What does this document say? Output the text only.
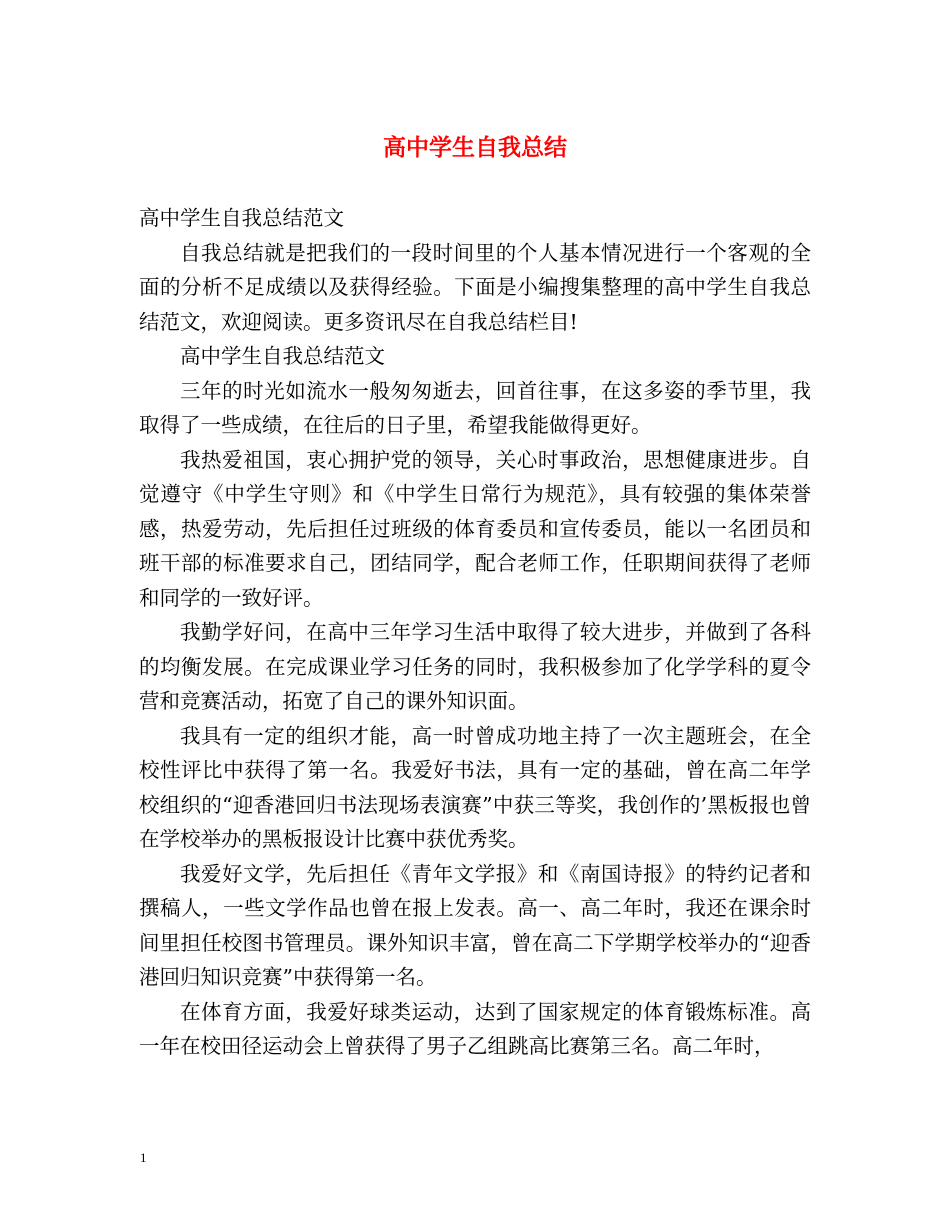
高中学生自我总结

高中学生自我总结范文

自我总结就是把我们的一段时间里的个人基本情况进行一个客观的全面的分析不足成绩以及获得经验。下面是小编搜集整理的高中学生自我总结范文，欢迎阅读。更多资讯尽在自我总结栏目!

高中学生自我总结范文

三年的时光如流水一般匆匆逝去，回首往事，在这多姿的季节里，我取得了一些成绩，在往后的日子里，希望我能做得更好。

我热爱祖国，衷心拥护党的领导，关心时事政治，思想健康进步。自觉遵守《中学生守则》和《中学生日常行为规范》，具有较强的集体荣誉感，热爱劳动，先后担任过班级的体育委员和宣传委员，能以一名团员和班干部的标准要求自己，团结同学，配合老师工作，任职期间获得了老师和同学的一致好评。

我勤学好问，在高中三年学习生活中取得了较大进步，并做到了各科的均衡发展。在完成课业学习任务的同时，我积极参加了化学学科的夏令营和竞赛活动，拓宽了自己的课外知识面。

我具有一定的组织才能，高一时曾成功地主持了一次主题班会，在全校性评比中获得了第一名。我爱好书法，具有一定的基础，曾在高二年学校组织的“迎香港回归书法现场表演赛”中获三等奖，我创作的’黑板报也曾在学校举办的黑板报设计比赛中获优秀奖。

我爱好文学，先后担任《青年文学报》和《南国诗报》的特约记者和撰稿人，一些文学作品也曾在报上发表。高一、高二年时，我还在课余时间里担任校图书管理员。课外知识丰富，曾在高二下学期学校举办的“迎香港回归知识竞赛”中获得第一名。

在体育方面，我爱好球类运动，达到了国家规定的体育锻炼标准。高一年在校田径运动会上曾获得了男子乙组跳高比赛第三名。高二年时，

1
